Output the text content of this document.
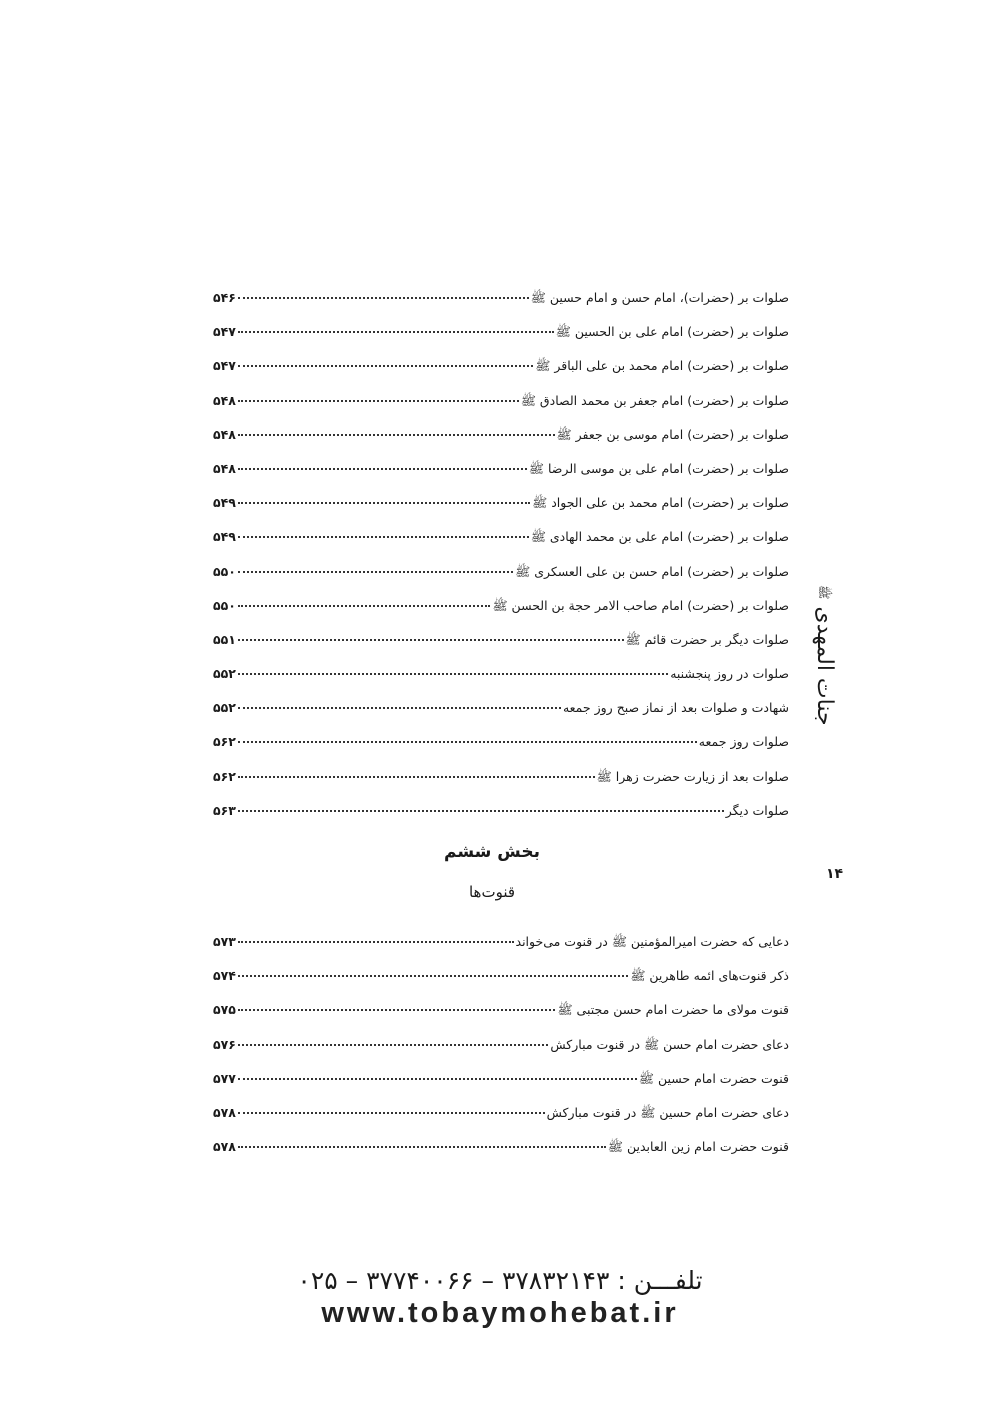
جنات المهدی ﷺ
۱۴
صلوات بر (حضرات)، امام حسن و امام حسین ﷺ
۵۴۶
صلوات بر (حضرت) امام علی بن الحسین ﷺ
۵۴۷
صلوات بر (حضرت) امام محمد بن علی الباقر ﷺ
۵۴۷
صلوات بر (حضرت) امام جعفر بن محمد الصادق ﷺ
۵۴۸
صلوات بر (حضرت) امام موسی بن جعفر ﷺ
۵۴۸
صلوات بر (حضرت) امام علی بن موسی الرضا ﷺ
۵۴۸
صلوات بر (حضرت) امام محمد بن علی الجواد ﷺ
۵۴۹
صلوات بر (حضرت) امام علی بن محمد الهادی ﷺ
۵۴۹
صلوات بر (حضرت) امام حسن بن علی العسکری ﷺ
۵۵۰
صلوات بر (حضرت) امام صاحب الامر حجة بن الحسن ﷺ
۵۵۰
صلوات دیگر بر حضرت قائم ﷺ
۵۵۱
صلوات در روز پنجشنبه
۵۵۲
شهادت و صلوات بعد از نماز صبح روز جمعه
۵۵۲
صلوات روز جمعه
۵۶۲
صلوات بعد از زیارت حضرت زهرا ﷺ
۵۶۲
صلوات دیگر
۵۶۳
بخش ششم
قنوت‌ها
دعایی که حضرت امیرالمؤمنین ﷺ در قنوت می‌خواند
۵۷۳
ذکر قنوت‌های ائمه طاهرین ﷺ
۵۷۴
قنوت مولای ما حضرت امام حسن مجتبی ﷺ
۵۷۵
دعای حضرت امام حسن ﷺ در قنوت مبارکش
۵۷۶
قنوت حضرت امام حسین ﷺ
۵۷۷
دعای حضرت امام حسین ﷺ در قنوت مبارکش
۵۷۸
قنوت حضرت امام زین العابدین ﷺ
۵۷۸
تلفـــن : ۳۷۸۳۲۱۴۳ – ۳۷۷۴۰۰۶۶ – ۰۲۵
www.tobaymohebat.ir
